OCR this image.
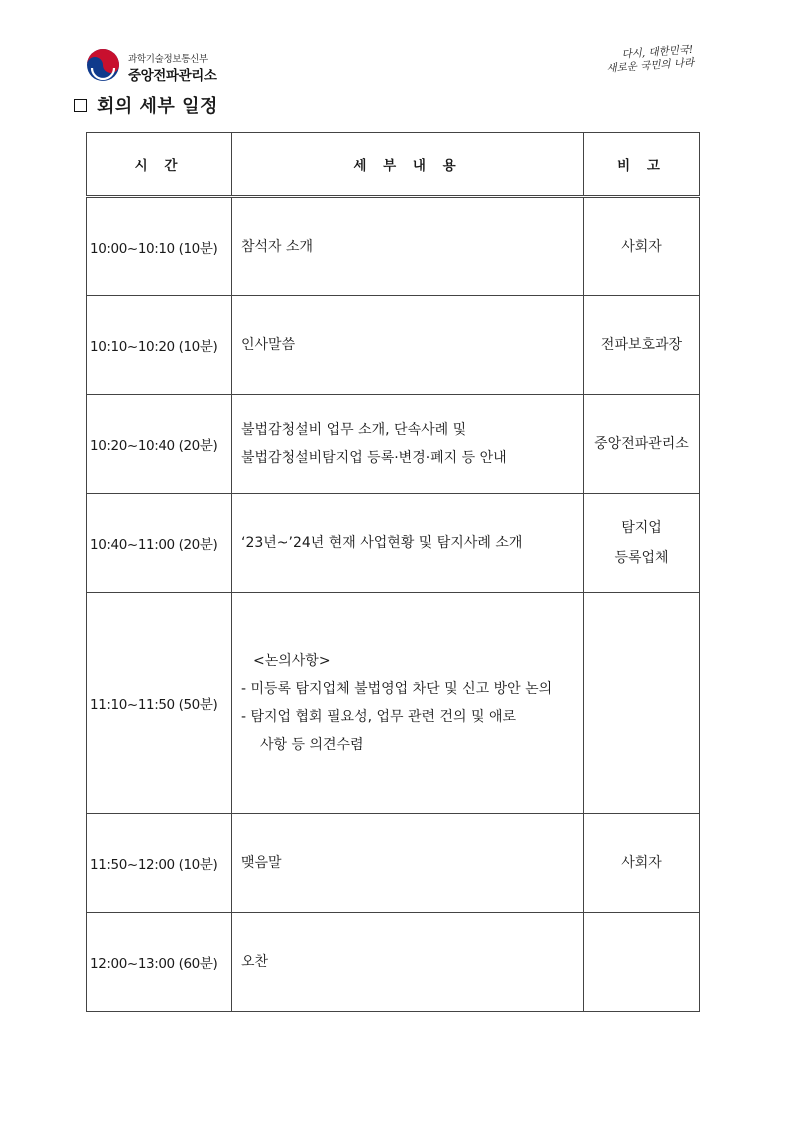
과학기술정보통신부
중앙전파관리소
다시, 대한민국!
새로운 국민의 나라
회의 세부 일정
시 간	세 부 내 용	비 고
10:00~10:10 (10분)	참석자 소개	사회자

10:10~10:20 (10분)	인사말씀	전파보호과장

10:20~10:40 (20분)	불법감청설비 업무 소개, 단속사례 및
불법감청설비탐지업 등록·변경·폐지 등 안내	중앙전파관리소

10:40~11:00 (20분)	‘23년~’24년 현재 사업현황 및 탐지사례 소개	탐지업
등록업체

11:10~11:50 (50분)	<논의사항>
- 미등록 탐지업체 불법영업 차단 및 신고 방안 논의
- 탐지업 협회 필요성, 업무 관련 건의 및 애로
사항 등 의견수렴	

11:50~12:00 (10분)	맺음말	사회자

12:00~13:00 (60분)	오찬	
